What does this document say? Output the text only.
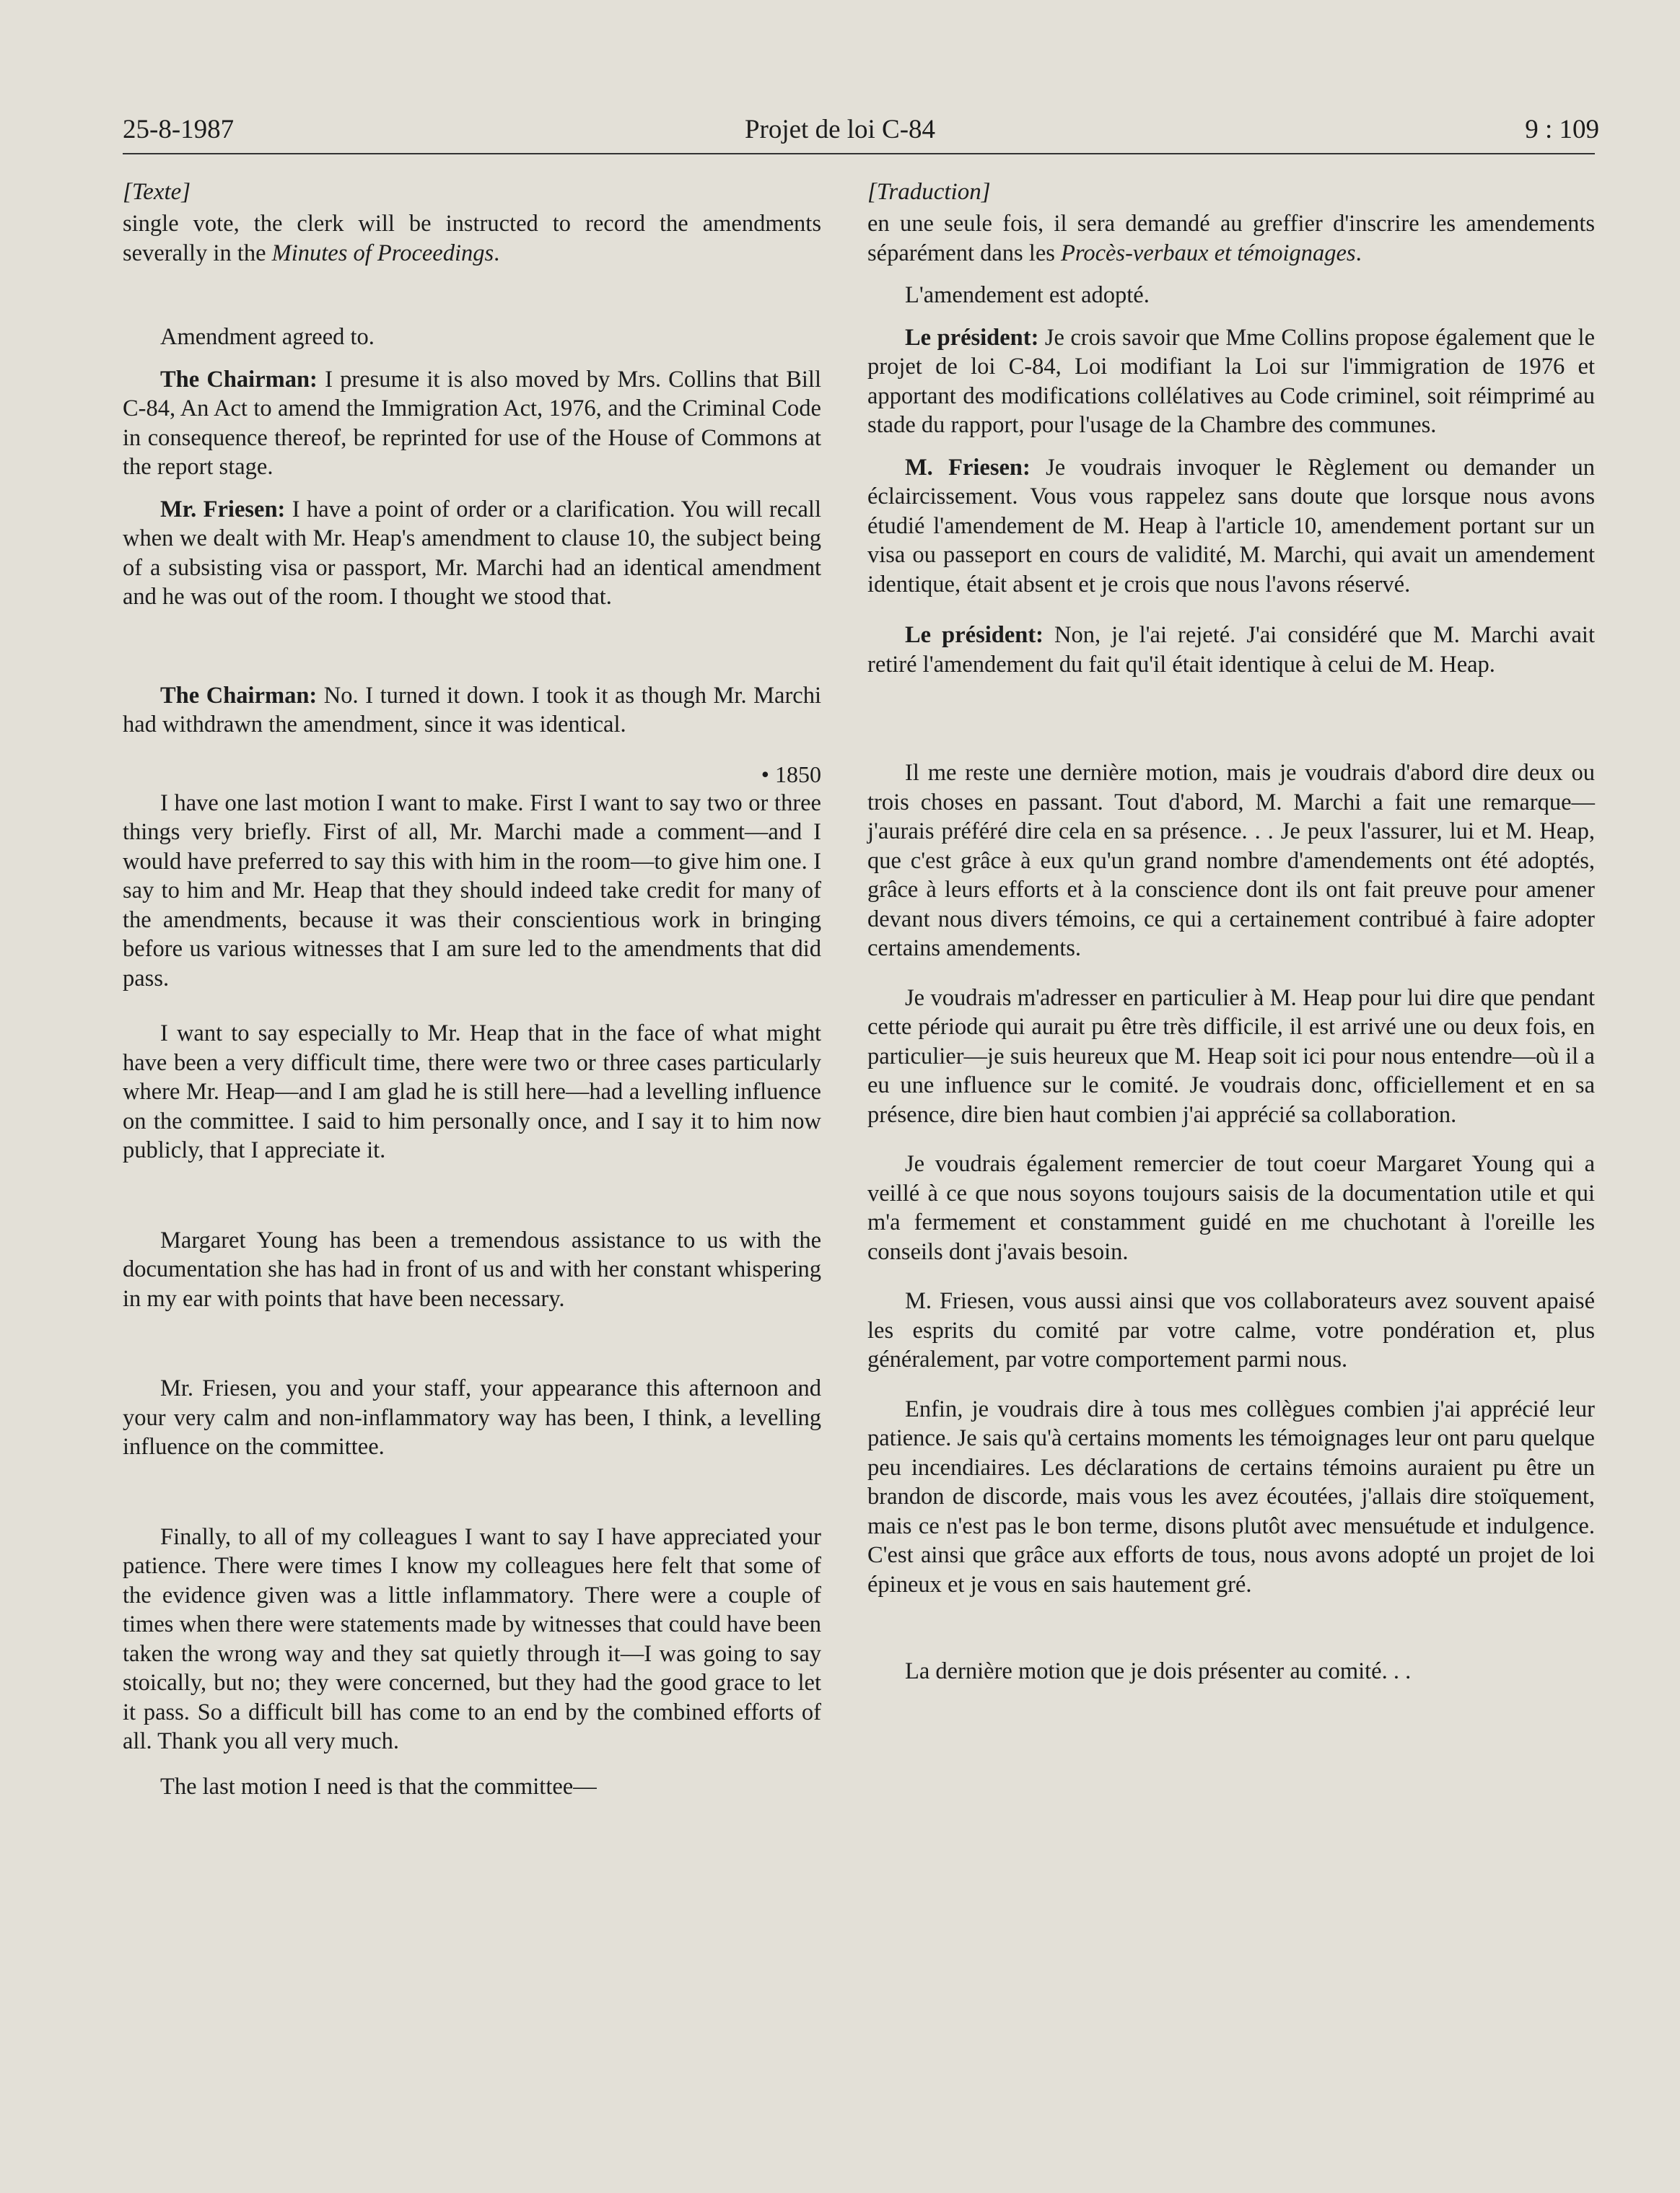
25-8-1987	Projet de loi C-84	9 : 109

[Texte]

single vote, the clerk will be instructed to record the amendments severally in the Minutes of Proceedings.

Amendment agreed to.

The Chairman: I presume it is also moved by Mrs. Collins that Bill C-84, An Act to amend the Immigration Act, 1976, and the Criminal Code in consequence thereof, be reprinted for use of the House of Commons at the report stage.

Mr. Friesen: I have a point of order or a clarification. You will recall when we dealt with Mr. Heap's amendment to clause 10, the subject being of a subsisting visa or passport, Mr. Marchi had an identical amendment and he was out of the room. I thought we stood that.

The Chairman: No. I turned it down. I took it as though Mr. Marchi had withdrawn the amendment, since it was identical.

• 1850

I have one last motion I want to make. First I want to say two or three things very briefly. First of all, Mr. Marchi made a comment—and I would have preferred to say this with him in the room—to give him one. I say to him and Mr. Heap that they should indeed take credit for many of the amendments, because it was their conscientious work in bringing before us various witnesses that I am sure led to the amendments that did pass.

I want to say especially to Mr. Heap that in the face of what might have been a very difficult time, there were two or three cases particularly where Mr. Heap—and I am glad he is still here—had a levelling influence on the committee. I said to him personally once, and I say it to him now publicly, that I appreciate it.

Margaret Young has been a tremendous assistance to us with the documentation she has had in front of us and with her constant whispering in my ear with points that have been necessary.

Mr. Friesen, you and your staff, your appearance this afternoon and your very calm and non-inflammatory way has been, I think, a levelling influence on the committee.

Finally, to all of my colleagues I want to say I have appreciated your patience. There were times I know my colleagues here felt that some of the evidence given was a little inflammatory. There were a couple of times when there were statements made by witnesses that could have been taken the wrong way and they sat quietly through it—I was going to say stoically, but no; they were concerned, but they had the good grace to let it pass. So a difficult bill has come to an end by the combined efforts of all. Thank you all very much.

The last motion I need is that the committee—

[Traduction]

en une seule fois, il sera demandé au greffier d'inscrire les amendements séparément dans les Procès-verbaux et témoignages.

L'amendement est adopté.

Le président: Je crois savoir que Mme Collins propose également que le projet de loi C-84, Loi modifiant la Loi sur l'immigration de 1976 et apportant des modifications collélatives au Code criminel, soit réimprimé au stade du rapport, pour l'usage de la Chambre des communes.

M. Friesen: Je voudrais invoquer le Règlement ou demander un éclaircissement. Vous vous rappelez sans doute que lorsque nous avons étudié l'amendement de M. Heap à l'article 10, amendement portant sur un visa ou passeport en cours de validité, M. Marchi, qui avait un amendement identique, était absent et je crois que nous l'avons réservé.

Le président: Non, je l'ai rejeté. J'ai considéré que M. Marchi avait retiré l'amendement du fait qu'il était identique à celui de M. Heap.

Il me reste une dernière motion, mais je voudrais d'abord dire deux ou trois choses en passant. Tout d'abord, M. Marchi a fait une remarque—j'aurais préféré dire cela en sa présence. . . Je peux l'assurer, lui et M. Heap, que c'est grâce à eux qu'un grand nombre d'amendements ont été adoptés, grâce à leurs efforts et à la conscience dont ils ont fait preuve pour amener devant nous divers témoins, ce qui a certainement contribué à faire adopter certains amendements.

Je voudrais m'adresser en particulier à M. Heap pour lui dire que pendant cette période qui aurait pu être très difficile, il est arrivé une ou deux fois, en particulier—je suis heureux que M. Heap soit ici pour nous entendre—où il a eu une influence sur le comité. Je voudrais donc, officiellement et en sa présence, dire bien haut combien j'ai apprécié sa collaboration.

Je voudrais également remercier de tout coeur Margaret Young qui a veillé à ce que nous soyons toujours saisis de la documentation utile et qui m'a fermement et constamment guidé en me chuchotant à l'oreille les conseils dont j'avais besoin.

M. Friesen, vous aussi ainsi que vos collaborateurs avez souvent apaisé les esprits du comité par votre calme, votre pondération et, plus généralement, par votre comportement parmi nous.

Enfin, je voudrais dire à tous mes collègues combien j'ai apprécié leur patience. Je sais qu'à certains moments les témoignages leur ont paru quelque peu incendiaires. Les déclarations de certains témoins auraient pu être un brandon de discorde, mais vous les avez écoutées, j'allais dire stoïquement, mais ce n'est pas le bon terme, disons plutôt avec mensuétude et indulgence. C'est ainsi que grâce aux efforts de tous, nous avons adopté un projet de loi épineux et je vous en sais hautement gré.

La dernière motion que je dois présenter au comité. . .
